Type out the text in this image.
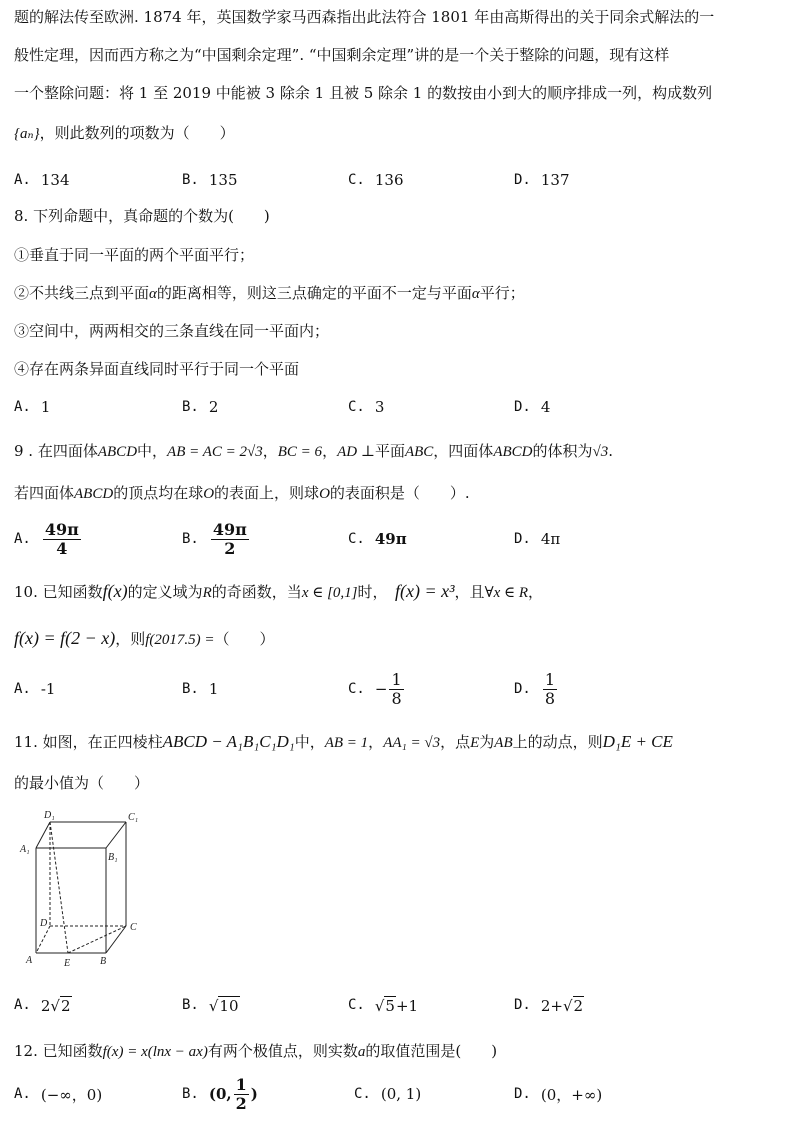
题的解法传至欧洲. 1874 年，英国数学家马西森指出此法符合 1801 年由高斯得出的关于同余式解法的一
般性定理，因而西方称之为“中国剩余定理”. “中国剩余定理”讲的是一个关于整除的问题，现有这样
一个整除问题：将 1 至 2019 中能被 3 除余 1 且被 5 除余 1 的数按由小到大的顺序排成一列，构成数列
{aₙ}，则此数列的项数为（　　）
A. 134	B. 135	C. 136	D. 137
8. 下列命题中，真命题的个数为(　　)
①垂直于同一平面的两个平面平行；
②不共线三点到平面α的距离相等，则这三点确定的平面不一定与平面α平行；
③空间中，两两相交的三条直线在同一平面内；
④存在两条异面直线同时平行于同一个平面
A. 1	B. 2	C. 3	D. 4
9 . 在四面体ABCD中，AB = AC = 2√3，BC = 6，AD ⊥平面ABC，四面体ABCD的体积为√3.
若四面体ABCD的顶点均在球O的表面上，则球O的表面积是（　　）.
A. $\frac{49\pi}{4}$	B. $\frac{49\pi}{2}$	C. 49π	D. 4π
10. 已知函数f(x)的定义域为R的奇函数，当x ∈ [0,1]时，　 f(x) = x³，且∀x ∈ R，
f(x) = f(2 − x)，则f(2017.5) =（　　）
A. -1	B. 1	C. − $\frac{1}{8}$	D. $\frac{1}{8}$
11. 如图，在正四棱柱ABCD − A₁B₁C₁D₁中，AB = 1，AA₁ = √3，点E为AB上的动点，则D₁E + CE
的最小值为（　　）
D₁	C₁
A₁
B₁
D	C
A	E	B
A. 2 √ 2	B. √ 10	C. √ 5 +1	D. 2+ √ 2
12. 已知函数f(x) = x(lnx − ax)有两个极值点，则实数a的取值范围是(　　)
A. (−∞，0)	B. (0, $\frac{1}{2}$ )	C. (0, 1)	D. (0，+∞)
